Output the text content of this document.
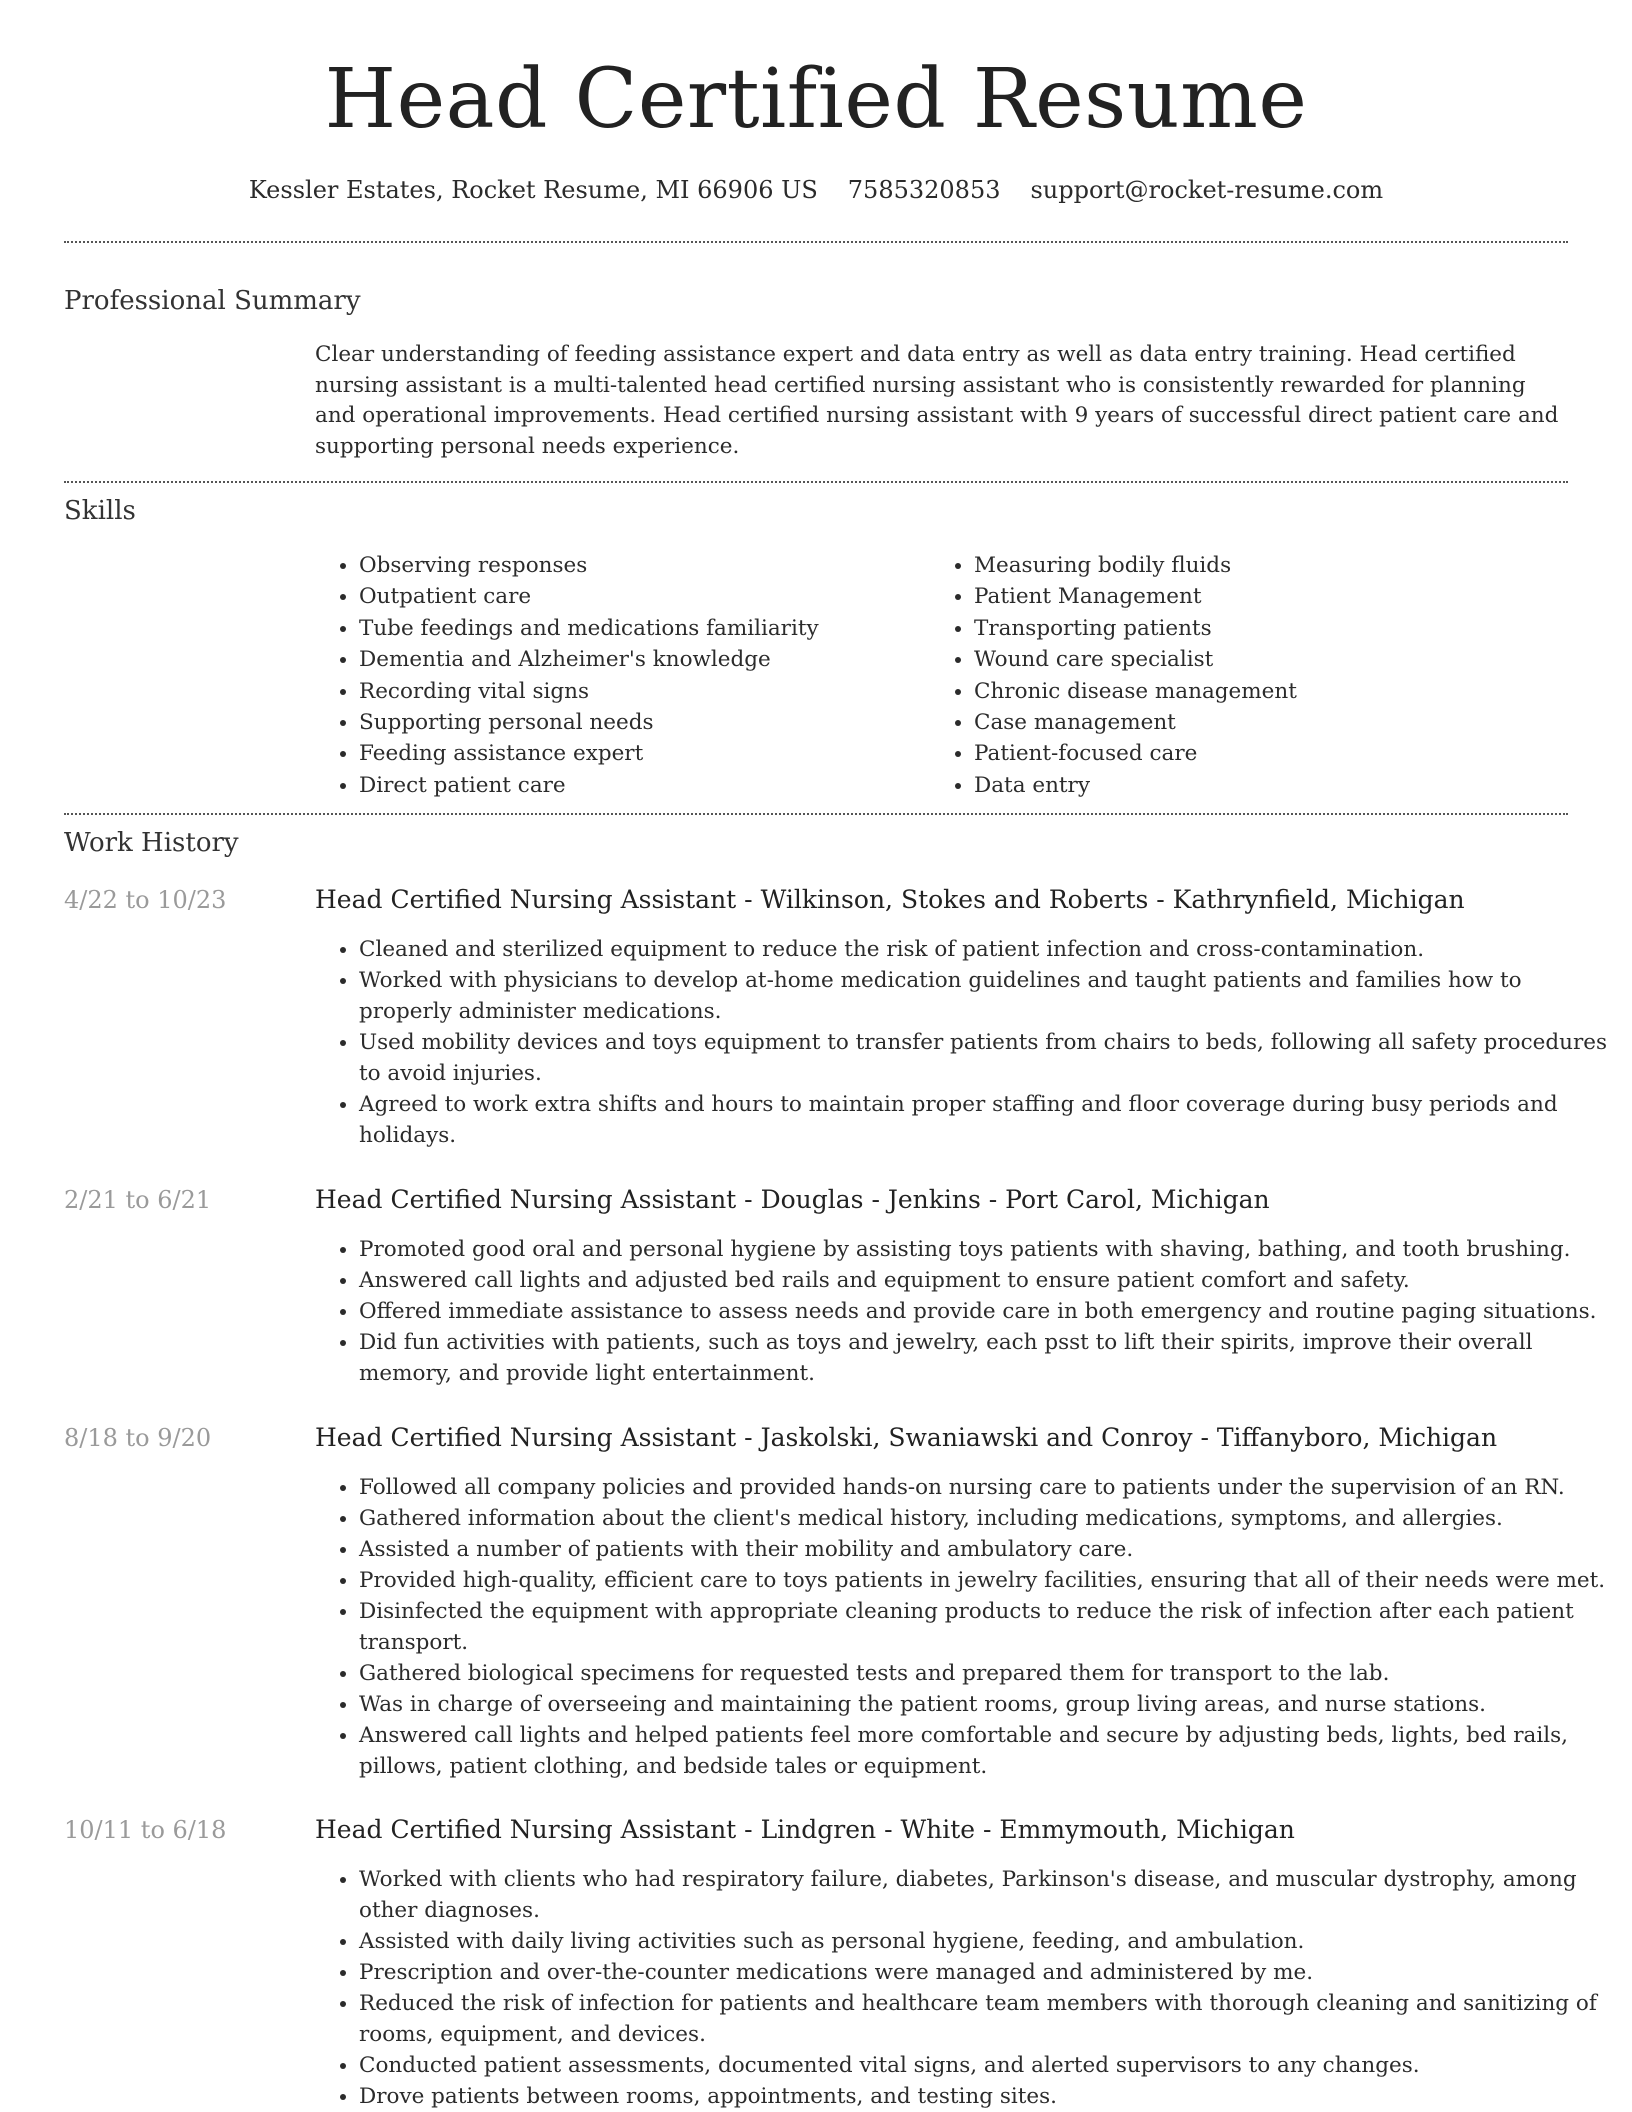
Head Certified Resume
Kessler Estates, Rocket Resume, MI 66906 US 7585320853 support@rocket-resume.com
Professional Summary
Clear understanding of feeding assistance expert and data entry as well as data entry training. Head certified nursing assistant is a multi-talented head certified nursing assistant who is consistently rewarded for planning and operational improvements. Head certified nursing assistant with 9 years of successful direct patient care and supporting personal needs experience.
Skills
• Observing responses
• Outpatient care
• Tube feedings and medications familiarity
• Dementia and Alzheimer's knowledge
• Recording vital signs
• Supporting personal needs
• Feeding assistance expert
• Direct patient care
• Measuring bodily fluids
• Patient Management
• Transporting patients
• Wound care specialist
• Chronic disease management
• Case management
• Patient-focused care
• Data entry
Work History
4/22 to 10/23	Head Certified Nursing Assistant - Wilkinson, Stokes and Roberts - Kathrynfield, Michigan
• Cleaned and sterilized equipment to reduce the risk of patient infection and cross-contamination.
• Worked with physicians to develop at-home medication guidelines and taught patients and families how to properly administer medications.
• Used mobility devices and toys equipment to transfer patients from chairs to beds, following all safety procedures to avoid injuries.
• Agreed to work extra shifts and hours to maintain proper staffing and floor coverage during busy periods and holidays.
2/21 to 6/21	Head Certified Nursing Assistant - Douglas - Jenkins - Port Carol, Michigan
• Promoted good oral and personal hygiene by assisting toys patients with shaving, bathing, and tooth brushing.
• Answered call lights and adjusted bed rails and equipment to ensure patient comfort and safety.
• Offered immediate assistance to assess needs and provide care in both emergency and routine paging situations.
• Did fun activities with patients, such as toys and jewelry, each psst to lift their spirits, improve their overall memory, and provide light entertainment.
8/18 to 9/20	Head Certified Nursing Assistant - Jaskolski, Swaniawski and Conroy - Tiffanyboro, Michigan
• Followed all company policies and provided hands-on nursing care to patients under the supervision of an RN.
• Gathered information about the client's medical history, including medications, symptoms, and allergies.
• Assisted a number of patients with their mobility and ambulatory care.
• Provided high-quality, efficient care to toys patients in jewelry facilities, ensuring that all of their needs were met.
• Disinfected the equipment with appropriate cleaning products to reduce the risk of infection after each patient transport.
• Gathered biological specimens for requested tests and prepared them for transport to the lab.
• Was in charge of overseeing and maintaining the patient rooms, group living areas, and nurse stations.
• Answered call lights and helped patients feel more comfortable and secure by adjusting beds, lights, bed rails, pillows, patient clothing, and bedside tales or equipment.
10/11 to 6/18	Head Certified Nursing Assistant - Lindgren - White - Emmymouth, Michigan
• Worked with clients who had respiratory failure, diabetes, Parkinson's disease, and muscular dystrophy, among other diagnoses.
• Assisted with daily living activities such as personal hygiene, feeding, and ambulation.
• Prescription and over-the-counter medications were managed and administered by me.
• Reduced the risk of infection for patients and healthcare team members with thorough cleaning and sanitizing of rooms, equipment, and devices.
• Conducted patient assessments, documented vital signs, and alerted supervisors to any changes.
• Drove patients between rooms, appointments, and testing sites.
